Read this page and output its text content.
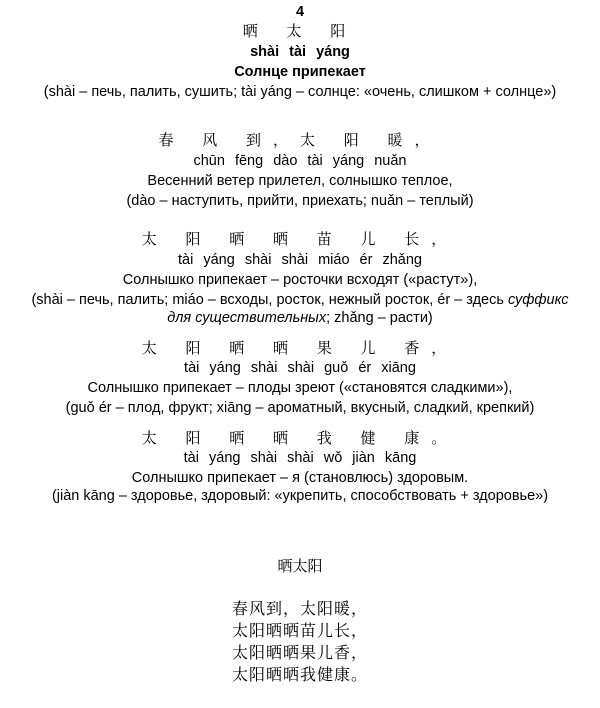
4
晒 太 阳
shài tài yáng
Солнце припекает
(shài – печь, палить, сушить; tài yáng – солнце: «очень, слишком + солнце»)
春 风 到，太 阳 暖，
chūn fēng dào tài yáng nuǎn
Весенний ветер прилетел, солнышко теплое,
(dào – наступить, прийти, приехать; nuǎn – теплый)
太 阳 晒 晒 苗 儿 长，
tài yáng shài shài miáo ér zhǎng
Солнышко припекает – росточки всходят («растут»),
(shài – печь, палить; miáo – всходы, росток, нежный росток, ér – здесь суффикс
для существительных; zhǎng – расти)
太 阳 晒 晒 果 儿 香，
tài yáng shài shài guǒ ér xiāng
Солнышко припекает – плоды зреют («становятся сладкими»),
(guǒ ér – плод, фрукт; xiāng – ароматный, вкусный, сладкий, крепкий)
太 阳 晒 晒 我 健 康。
tài yáng shài shài wǒ jiàn kāng
Солнышко припекает – я (становлюсь) здоровым.
(jiàn kāng – здоровье, здоровый: «укрепить, способствовать + здоровье»)
晒太阳
春风到，太阳暖，
太阳晒晒苗儿长，
太阳晒晒果儿香，
太阳晒晒我健康。
